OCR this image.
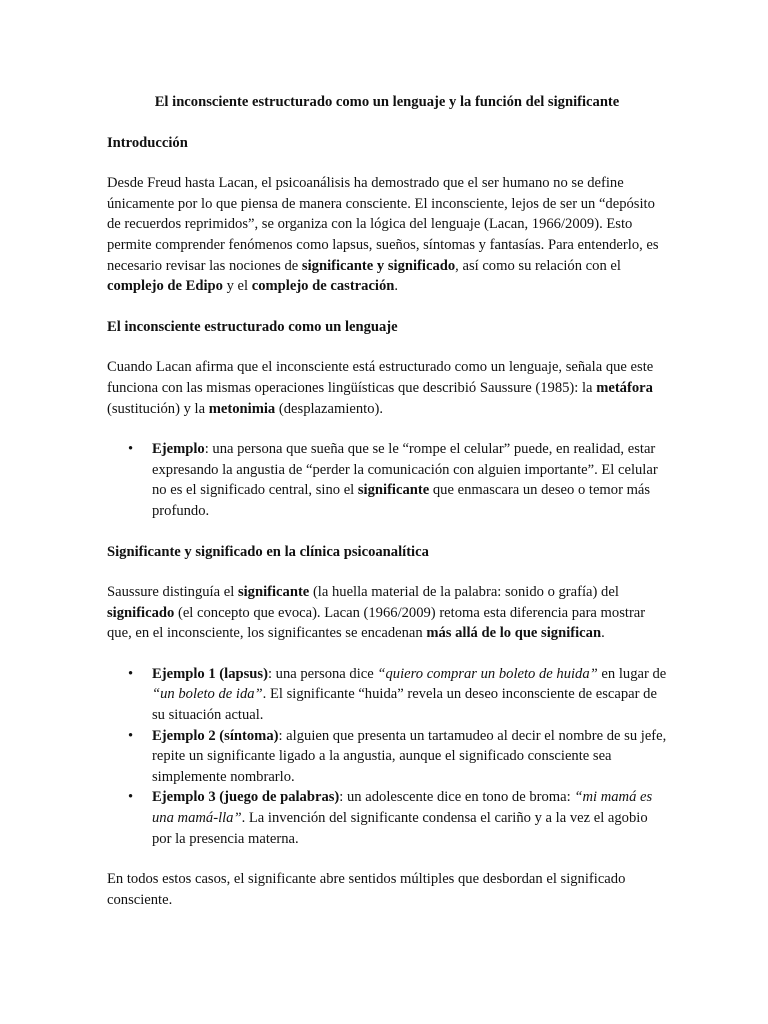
El inconsciente estructurado como un lenguaje y la función del significante
Introducción

Desde Freud hasta Lacan, el psicoanálisis ha demostrado que el ser humano no se define únicamente por lo que piensa de manera consciente. El inconsciente, lejos de ser un “depósito de recuerdos reprimidos”, se organiza con la lógica del lenguaje (Lacan, 1966/2009). Esto permite comprender fenómenos como lapsus, sueños, síntomas y fantasías. Para entenderlo, es necesario revisar las nociones de significante y significado, así como su relación con el complejo de Edipo y el complejo de castración.

El inconsciente estructurado como un lenguaje

Cuando Lacan afirma que el inconsciente está estructurado como un lenguaje, señala que este funciona con las mismas operaciones lingüísticas que describió Saussure (1985): la metáfora (sustitución) y la metonimia (desplazamiento).

• Ejemplo: una persona que sueña que se le “rompe el celular” puede, en realidad, estar expresando la angustia de “perder la comunicación con alguien importante”. El celular no es el significado central, sino el significante que enmascara un deseo o temor más profundo.
Significante y significado en la clínica psicoanalítica

Saussure distinguía el significante (la huella material de la palabra: sonido o grafía) del significado (el concepto que evoca). Lacan (1966/2009) retoma esta diferencia para mostrar que, en el inconsciente, los significantes se encadenan más allá de lo que significan.

• Ejemplo 1 (lapsus): una persona dice “quiero comprar un boleto de huida” en lugar de “un boleto de ida”. El significante “huida” revela un deseo inconsciente de escapar de su situación actual.
• Ejemplo 2 (síntoma): alguien que presenta un tartamudeo al decir el nombre de su jefe, repite un significante ligado a la angustia, aunque el significado consciente sea simplemente nombrarlo.
• Ejemplo 3 (juego de palabras): un adolescente dice en tono de broma: “mi mamá es una mamá-lla”. La invención del significante condensa el cariño y a la vez el agobio por la presencia materna.

En todos estos casos, el significante abre sentidos múltiples que desbordan el significado consciente.
